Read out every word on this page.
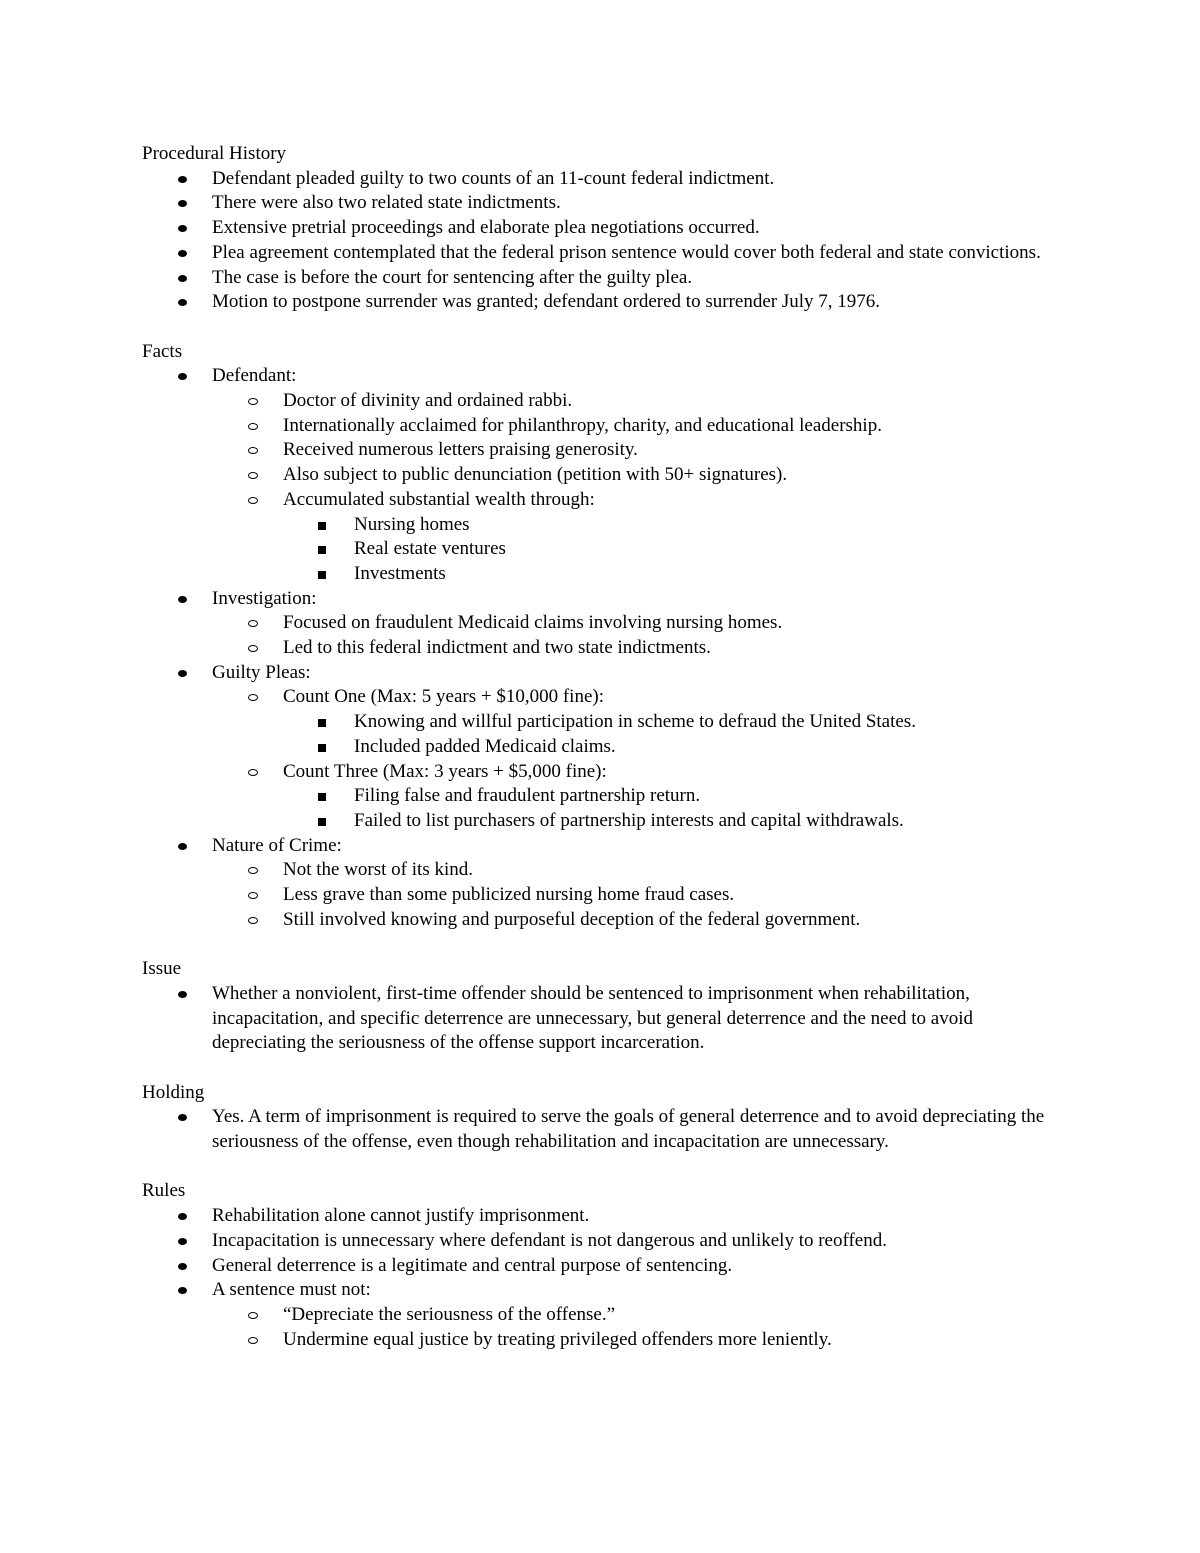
Procedural History
Defendant pleaded guilty to two counts of an 11-count federal indictment.
There were also two related state indictments.
Extensive pretrial proceedings and elaborate plea negotiations occurred.
Plea agreement contemplated that the federal prison sentence would cover both federal and state convictions.
The case is before the court for sentencing after the guilty plea.
Motion to postpone surrender was granted; defendant ordered to surrender July 7, 1976.
Facts
Defendant:
Doctor of divinity and ordained rabbi.
Internationally acclaimed for philanthropy, charity, and educational leadership.
Received numerous letters praising generosity.
Also subject to public denunciation (petition with 50+ signatures).
Accumulated substantial wealth through:
Nursing homes
Real estate ventures
Investments
Investigation:
Focused on fraudulent Medicaid claims involving nursing homes.
Led to this federal indictment and two state indictments.
Guilty Pleas:
Count One (Max: 5 years + $10,000 fine):
Knowing and willful participation in scheme to defraud the United States.
Included padded Medicaid claims.
Count Three (Max: 3 years + $5,000 fine):
Filing false and fraudulent partnership return.
Failed to list purchasers of partnership interests and capital withdrawals.
Nature of Crime:
Not the worst of its kind.
Less grave than some publicized nursing home fraud cases.
Still involved knowing and purposeful deception of the federal government.
Issue
Whether a nonviolent, first-time offender should be sentenced to imprisonment when rehabilitation, incapacitation, and specific deterrence are unnecessary, but general deterrence and the need to avoid depreciating the seriousness of the offense support incarceration.
Holding
Yes. A term of imprisonment is required to serve the goals of general deterrence and to avoid depreciating the seriousness of the offense, even though rehabilitation and incapacitation are unnecessary.
Rules
Rehabilitation alone cannot justify imprisonment.
Incapacitation is unnecessary where defendant is not dangerous and unlikely to reoffend.
General deterrence is a legitimate and central purpose of sentencing.
A sentence must not:
“Depreciate the seriousness of the offense.”
Undermine equal justice by treating privileged offenders more leniently.
